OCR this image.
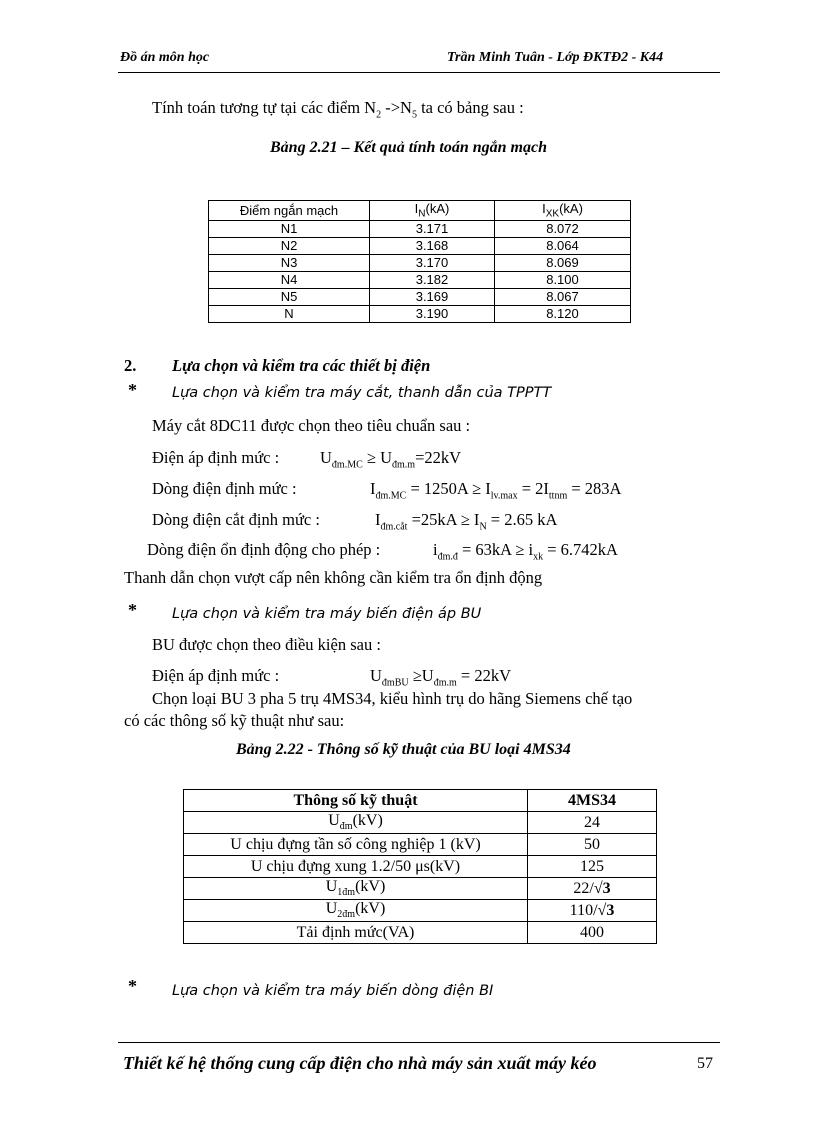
Đồ án môn học	Trần Minh Tuân - Lớp ĐKTĐ2 - K44
Tính toán tương tự tại các điểm $N_2$ $->N_5$ ta có bảng sau :
Bảng 2.21 – Kết quả tính toán ngắn mạch
Điểm ngắn mạch	$I_N(kA)$	$I_{XK}(kA)$
N1	3.171	8.072
N2	3.168	8.064
N3	3.170	8.069
N4	3.182	8.100
N5	3.169	8.067
N	3.190	8.120
2. Lựa chọn và kiểm tra các thiết bị điện
* Lựa chọn và kiểm tra máy cắt, thanh dẫn của TPPTT
Máy cắt 8DC11 được chọn theo tiêu chuẩn sau :
Điện áp định mức : $U_{đm.MC} \ge U_{đm.m}=22kV$
Dòng điện định mức :	$I_{đm.MC} = 1250A \ge I_{lv.max} = 2I_{ttnm} = 283A$
Dòng điện cắt định mức :	$I_{đm.cắt} =25kA \ge I_N = 2.65$ kA
Dòng điện ổn định động cho phép :	$i_{đm.đ} = 63kA \ge i_{xk} = 6.742kA$
Thanh dẫn chọn vượt cấp nên không cần kiểm tra ổn định động
* Lựa chọn và kiểm tra máy biến điện áp BU
BU được chọn theo điều kiện sau :
Điện áp định mức :	$U_{đmBU} \ge U_{đm.m} = 22kV$
Chọn loại BU 3 pha 5 trụ 4MS34, kiểu hình trụ do hãng Siemens chế tạo
có các thông số kỹ thuật như sau:
Bảng 2.22 - Thông số kỹ thuật của BU loại 4MS34
Thông số kỹ thuật	4MS34
$U_{đm}(kV)$	24
U chịu đựng tần số công nghiệp 1 (kV)	50
U chịu đựng xung 1.2/50 μs(kV)	125
$U_{1đm}(kV)$	22/√3
$U_{2đm}(kV)$	110/√3
Tải định mức(VA)	400
* Lựa chọn và kiểm tra máy biến dòng điện BI
Thiết kế hệ thống cung cấp điện cho nhà máy sản xuất máy kéo	57
